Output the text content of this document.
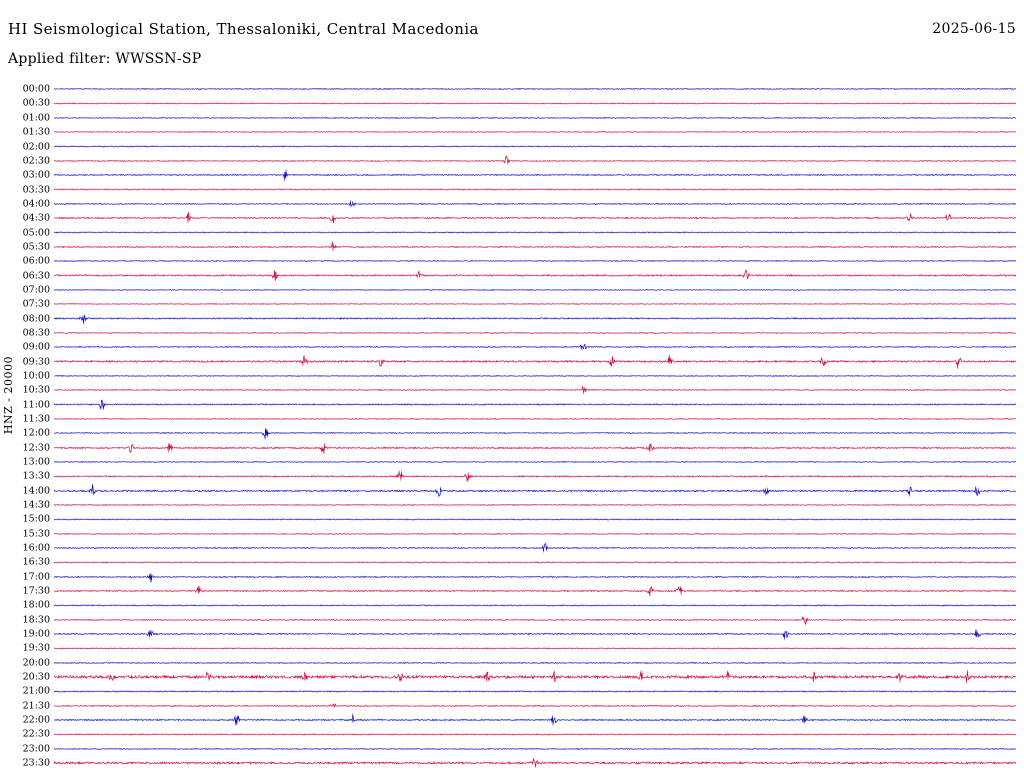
HI Seismological Station, Thessaloniki, Central Macedonia	2025-06-15
Applied filter: WWSSN-SP
HNZ - 20000
00:00
00:30
01:00
01:30
02:00
02:30
03:00
03:30
04:00
04:30
05:00
05:30
06:00
06:30
07:00
07:30
08:00
08:30
09:00
09:30
10:00
10:30
11:00
11:30
12:00
12:30
13:00
13:30
14:00
14:30
15:00
15:30
16:00
16:30
17:00
17:30
18:00
18:30
19:00
19:30
20:00
20:30
21:00
21:30
22:00
22:30
23:00
23:30
